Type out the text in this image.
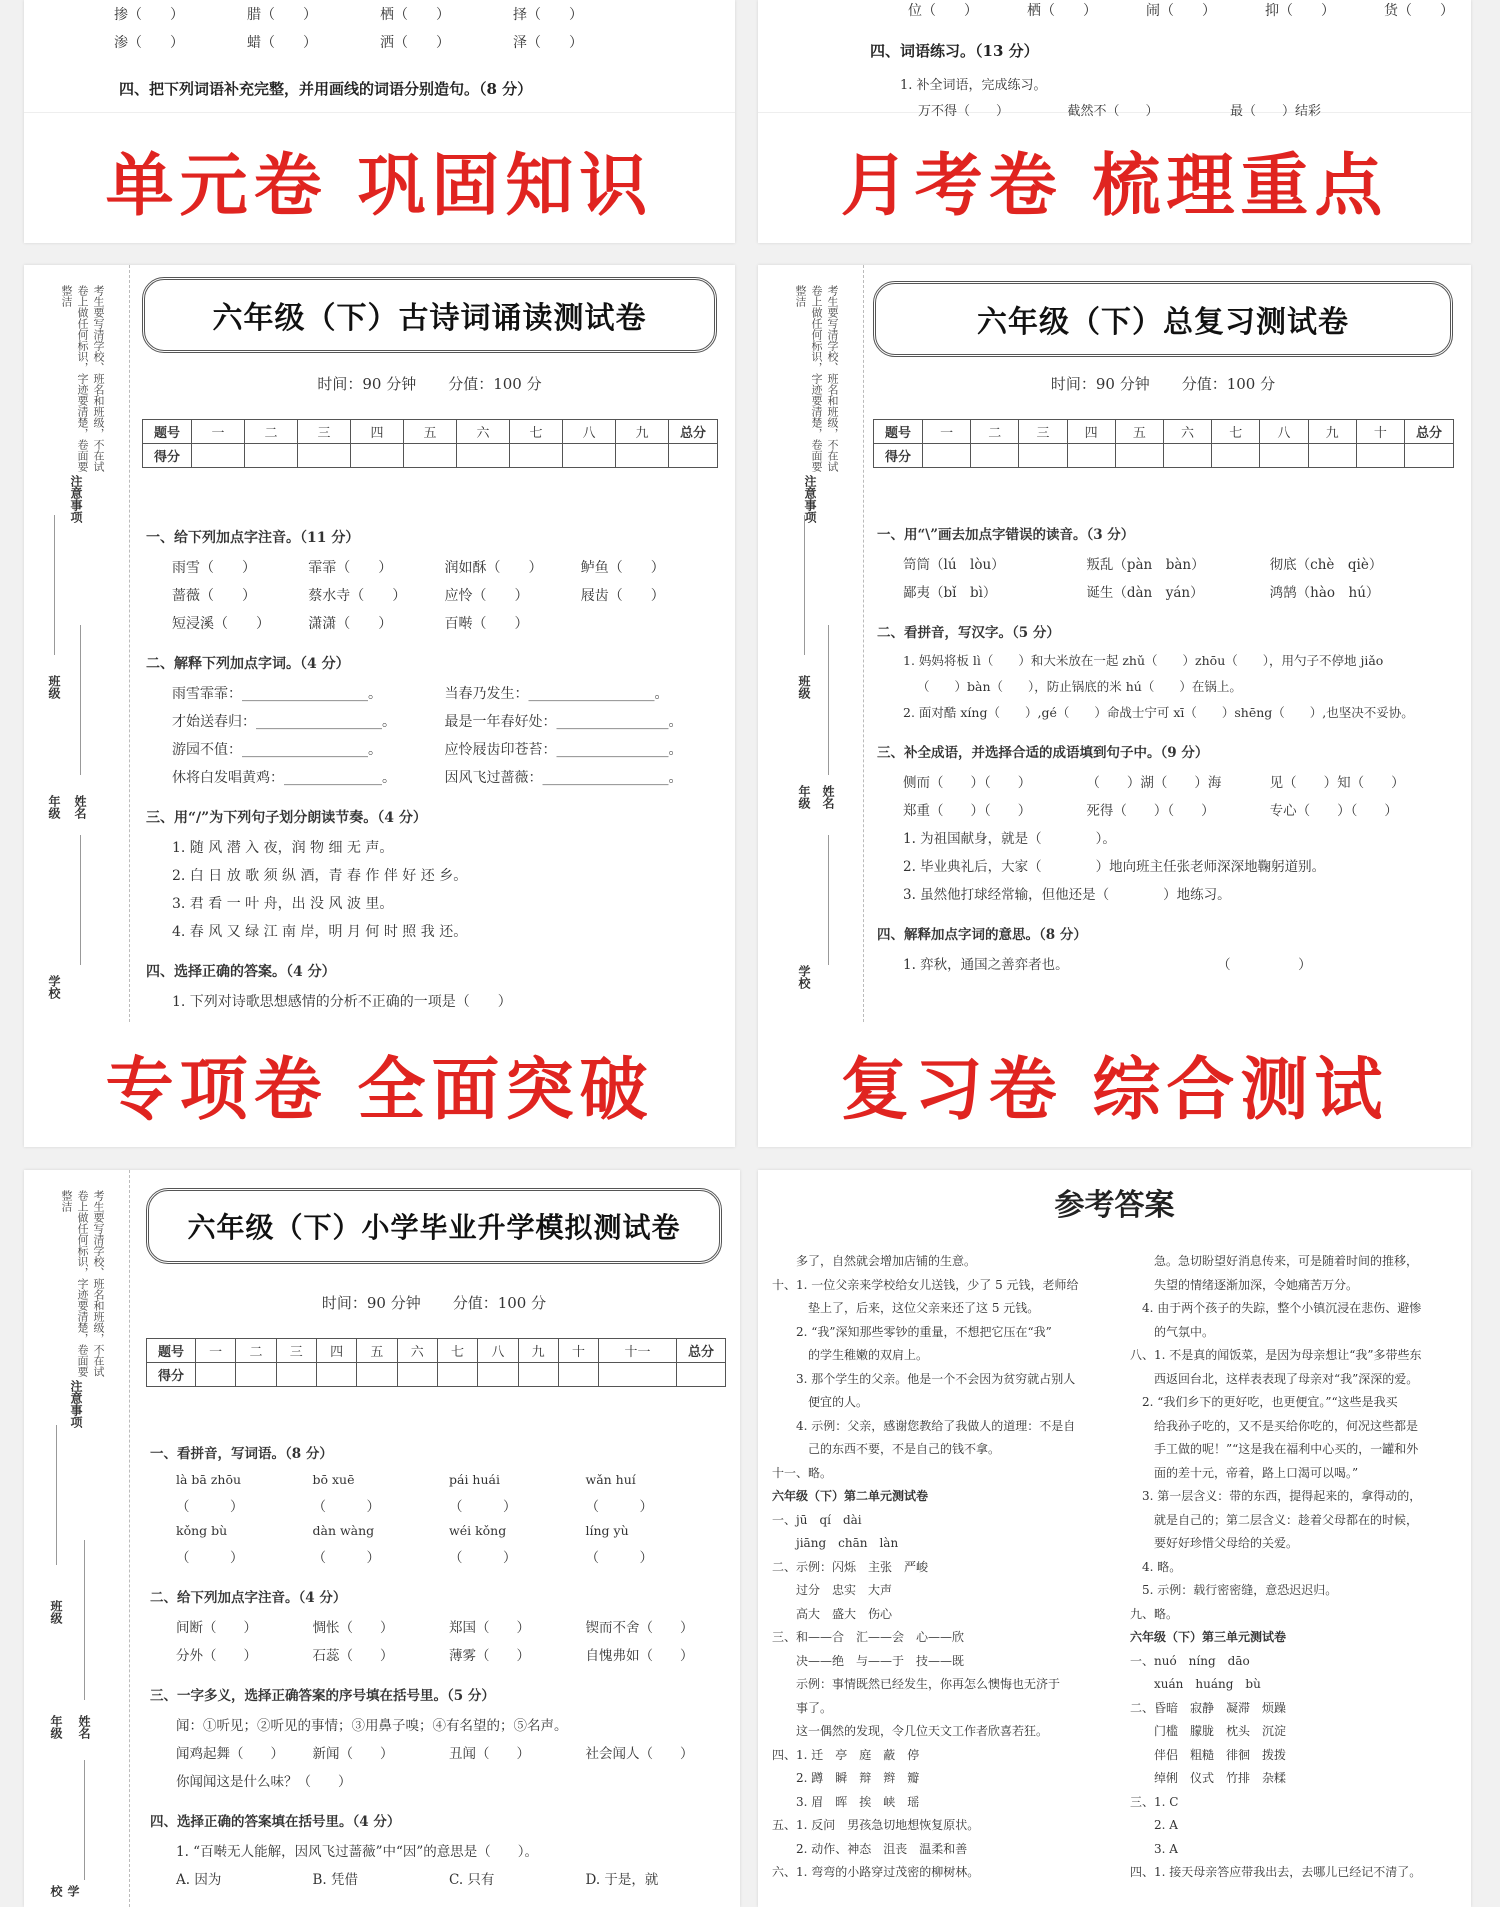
掺（　　）　　　　　腊（　　）　　　　　栖（　　）　　　　　择（　　）
渗（　　）　　　　　蜡（　　）　　　　　洒（　　）　　　　　泽（　　）
四、把下列词语补充完整，并用画线的词语分别造句。（8 分）
单元卷 巩固知识
位（　　）　　　　栖（　　）　　　　闹（　　）　　　　抑（　　）　　　　货（　　）
四、词语练习。（13 分）
1. 补全词语，完成练习。
万不得（　　）　　　　　截然不（　　）　　　　　　最（　　）结彩
月考卷 梳理重点
考生要写清学校、班名和班级，不在试卷上做任何标识，字迹要清楚，卷面要整洁
注意事项
班级
年级 姓名
学校
六年级（下）古诗词诵读测试卷
时间：90 分钟 分值：100 分
题号	一	二	三	四	五	六	七	八	九	总分
得分										
一、给下列加点字注音。（11 分）
雨雪（　　）	霏霏（　　）	润如酥（　　）	鲈鱼（　　）
蔷薇（　　）	蔡水寺（　　）	应怜（　　）	屐齿（　　）
短浸溪（　　）	潇潇（　　）	百啭（　　）
二、解释下列加点字词。（4 分）
雨雪霏霏：__________________。	当春乃发生：__________________。
才始送春归：__________________。	最是一年春好处：________________。
游园不值：__________________。	应怜屐齿印苍苔：________________。
休将白发唱黄鸡：______________。	因风飞过蔷薇：__________________。
三、用“/”为下列句子划分朗读节奏。（4 分）
1. 随 风 潜 入 夜，润 物 细 无 声。
2. 白 日 放 歌 须 纵 酒，青 春 作 伴 好 还 乡。
3. 君 看 一 叶 舟，出 没 风 波 里。
4. 春 风 又 绿 江 南 岸，明 月 何 时 照 我 还。
四、选择正确的答案。（4 分）
1. 下列对诗歌思想感情的分析不正确的一项是（　　）
专项卷 全面突破
考生要写清学校、班名和班级，不在试卷上做任何标识，字迹要清楚，卷面要整洁
注意事项
班级
年级 姓名
学校
六年级（下）总复习测试卷
时间：90 分钟 分值：100 分
题号	一	二	三	四	五	六	七	八	九	十	总分
得分											
一、用“\”画去加点字错误的读音。（3 分）
笥筒（lú　lòu）	叛乱（pàn　bàn）	彻底（chè　qiè）
鄙夷（bǐ　bì）	诞生（dàn　yán）	鸿鹄（hào　hú）
二、看拼音，写汉字。（5 分）
1. 妈妈将板 lì（　　）和大米放在一起 zhǔ（　　）zhōu（　　），用勺子不停地 jiǎo
（　　）bàn（　　），防止锅底的米 hú（　　）在锅上。
2. 面对酷 xíng（　　）,gé（　　）命战士宁可 xī（　　）shēng（　　）,也坚决不妥协。
三、补全成语，并选择合适的成语填到句子中。（9 分）
侧而（　　）（　　）	（　　）湖（　　）海	见（　　）知（　　）
郑重（　　）（　　）	死得（　　）（　　）	专心（　　）（　　）
1. 为祖国献身，就是（　　　　）。
2. 毕业典礼后，大家（　　　　）地向班主任张老师深深地鞠躬道别。
3. 虽然他打球经常输，但他还是（　　　　）地练习。
四、解释加点字词的意思。（8 分）
1. 弈秋，通国之善弈者也。　　　　　　　　　　　　（　　　　　）
复习卷 综合测试
考生要写清学校、班名和班级，不在试卷上做任何标识，字迹要清楚，卷面要整洁
注意事项
班级
年级 姓名
学校
六年级（下）小学毕业升学模拟测试卷
时间：90 分钟 分值：100 分
题号	一	二	三	四	五	六	七	八	九	十	十一	总分
得分												
一、看拼音，写词语。（8 分）
là bā zhōu	bō xuē	pái huái	wǎn huí
（　　　）	（　　　）	（　　　）	（　　　）
kǒng bù	dàn wàng	wéi kǒng	líng yù
（　　　）	（　　　）	（　　　）	（　　　）
二、给下列加点字注音。（4 分）
间断（　　）	惆怅（　　）	郑国（　　）	锲而不舍（　　）
分外（　　）	石蕊（　　）	薄雾（　　）	自愧弗如（　　）
三、一字多义，选择正确答案的序号填在括号里。（5 分）
闻：①听见；②听见的事情；③用鼻子嗅；④有名望的；⑤名声。
闻鸡起舞（　　）	新闻（　　）	丑闻（　　）	社会闻人（　　）
你闻闻这是什么味？（　　）
四、选择正确的答案填在括号里。（4 分）
1. “百啭无人能解，因风飞过蔷薇”中“因”的意思是（　　）。
A. 因为	B. 凭借	C. 只有	D. 于是，就
参考答案
　　多了，自然就会增加店铺的生意。
十、1. 一位父亲来学校给女儿送钱，少了 5 元钱，老师给
　　　垫上了，后来，这位父亲来还了这 5 元钱。
　　2. “我”深知那些零钞的重量，不想把它压在“我”
　　　的学生稚嫩的双肩上。
　　3. 那个学生的父亲。他是一个不会因为贫穷就占别人
　　　便宜的人。
　　4. 示例：父亲，感谢您教给了我做人的道理：不是自
　　　己的东西不要，不是自己的钱不拿。
十一、略。
六年级（下）第二单元测试卷
一、jū　qí　dài
　　jiāng　chān　làn
二、示例：闪烁　主张　严峻
　　过分　忠实　大声
　　高大　盛大　伤心
三、和——合　汇——会　心——欣
　　决——绝　与——于　技——既
　　示例：事情既然已经发生，你再怎么懊悔也无济于
　　事了。
　　这一偶然的发现，令几位天文工作者欣喜若狂。
四、1. 迁　亭　庭　蔽　停
　　2. 蹲　瞬　辩　辫　瓣
　　3. 眉　晖　挨　峡　瑶
五、1. 反问　男孩急切地想恢复原状。
　　2. 动作、神态　沮丧　温柔和善
六、1. 弯弯的小路穿过茂密的柳树林。
　　急。急切盼望好消息传来，可是随着时间的推移，
　　失望的情绪逐渐加深，令她痛苦万分。
　4. 由于两个孩子的失踪，整个小镇沉浸在悲伤、避惨
　　的气氛中。
八、1. 不是真的闻饭菜，是因为母亲想让“我”多带些东
　　西返回台北，这样表表现了母亲对“我”深深的爱。
　2. “我们乡下的更好吃，也更便宜。”“这些是我买
　　给我孙子吃的，又不是买给你吃的，何况这些都是
　　手工做的呢！”“这是我在福利中心买的，一罐和外
　　面的差十元，帝着，路上口渴可以喝。”
　3. 第一层含义：带的东西，提得起来的，拿得动的，
　　就是自己的；第二层含义：趁着父母都在的时候，
　　要好好珍惜父母给的关爱。
　4. 略。
　5. 示例：载行密密缝，意恐迟迟归。
九、略。
六年级（下）第三单元测试卷
一、nuó　níng　dāo
　　xuán　huáng　bù
二、昏暗　寂静　凝滞　烦躁
　　门槛　朦胧　枕头　沉淀
　　伴侣　粗糙　徘徊　拨拨
　　绰俐　仪式　竹排　杂糅
三、1. C
　　2. A
　　3. A
四、1. 接天母亲答应带我出去，去哪儿已经记不清了。
